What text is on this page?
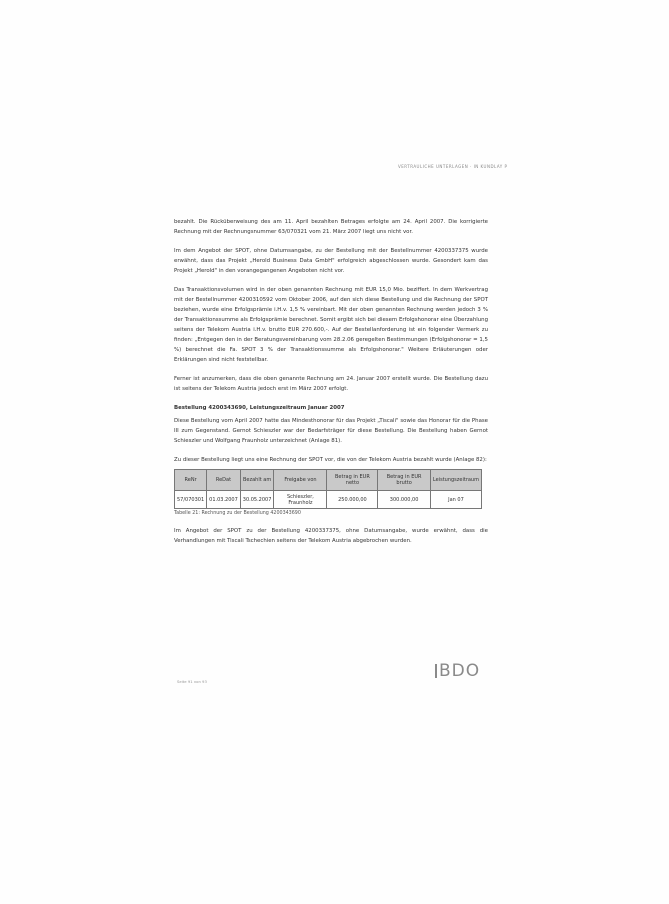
VERTRAULICHE UNTERLAGEN · IN KUNDLAY P

bezahlt. Die Rücküberweisung des am 11. April bezahlten Betrages erfolgte am 24. April 2007. Die korrigierte Rechnung mit der Rechnungsnummer 63/070321 vom 21. März 2007 liegt uns nicht vor.

Im dem Angebot der SPOT, ohne Datumsangabe, zu der Bestellung mit der Bestellnummer 4200337375 wurde erwähnt, dass das Projekt „Herold Business Data GmbH" erfolgreich abgeschlossen wurde. Gesondert kam das Projekt „Herold" in den vorangegangenen Angeboten nicht vor.

Das Transaktionsvolumen wird in der oben genannten Rechnung mit EUR 15,0 Mio. beziffert. In dem Werkvertrag mit der Bestellnummer 4200310592 vom Oktober 2006, auf den sich diese Bestellung und die Rechnung der SPOT beziehen, wurde eine Erfolgsprämie i.H.v. 1,5 % vereinbart. Mit der oben genannten Rechnung werden jedoch 3 % der Transaktionssumme als Erfolgsprämie berechnet. Somit ergibt sich bei diesem Erfolgshonorar eine Überzahlung seitens der Telekom Austria i.H.v. brutto EUR 270.600,-. Auf der Bestellanforderung ist ein folgender Vermerk zu finden: „Entgegen den in der Beratungsvereinbarung vom 28.2.06 geregelten Bestimmungen (Erfolgshonorar = 1,5 %) berechnet die Fa. SPOT 3 % der Transaktionssumme als Erfolgshonorar." Weitere Erläuterungen oder Erklärungen sind nicht feststellbar.

Ferner ist anzumerken, dass die oben genannte Rechnung am 24. Januar 2007 erstellt wurde. Die Bestellung dazu ist seitens der Telekom Austria jedoch erst im März 2007 erfolgt.

Bestellung 4200343690, Leistungszeitraum Januar 2007

Diese Bestellung vom April 2007 hatte das Mindesthonorar für das Projekt „Tiscali" sowie das Honorar für die Phase III zum Gegenstand. Gernot Schieszler war der Bedarfsträger für diese Bestellung. Die Bestellung haben Gernot Schieszler und Wolfgang Fraunholz unterzeichnet (Anlage 81).

Zu dieser Bestellung liegt uns eine Rechnung der SPOT vor, die von der Telekom Austria bezahlt wurde (Anlage 82):

ReNr	ReDat	Bezahlt am	Freigabe von	Betrag in EUR netto	Betrag in EUR brutto	Leistungszeitraum
57/070301	01.03.2007	30.05.2007	Schieszler, Fraunholz	250.000,00	300.000,00	Jan 07
Tabelle 21: Rechnung zu der Bestellung 4200343690

Im Angebot der SPOT zu der Bestellung 4200337375, ohne Datumsangabe, wurde erwähnt, dass die Verhandlungen mit Tiscali Tschechien seitens der Telekom Austria abgebrochen wurden.

Seite 91 von 93
BDO
